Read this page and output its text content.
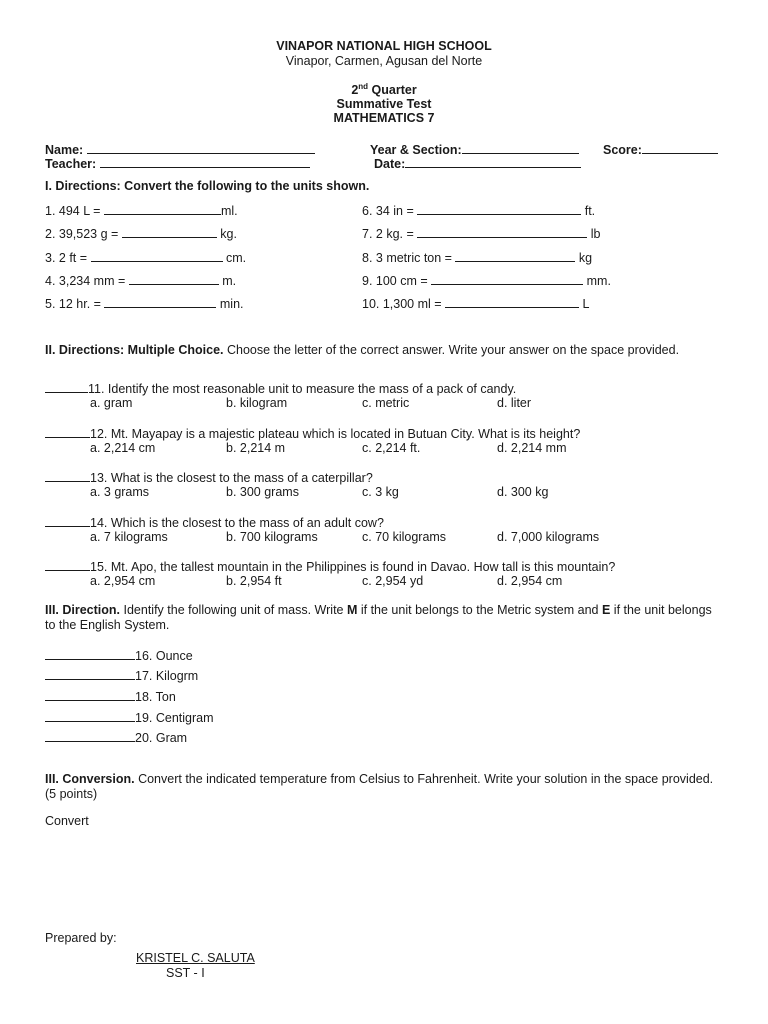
VINAPOR NATIONAL HIGH SCHOOL
Vinapor, Carmen, Agusan del Norte
2nd Quarter
Summative Test
MATHEMATICS 7
Name:	Year & Section:	Score:
Teacher:	Date:
I. Directions: Convert the following to the units shown.
1. 494 L =	ml.
2. 39,523 g =	kg.
3. 2 ft =	cm.
4. 3,234 mm =	m.
5. 12 hr. =	min.
6. 34 in =	ft.
7. 2 kg. =	lb
8. 3 metric ton =	kg
9. 100 cm =	mm.
10. 1,300 ml =	L
II. Directions: Multiple Choice. Choose the letter of the correct answer. Write your answer on the space provided.
11. Identify the most reasonable unit to measure the mass of a pack of candy.
a. gram	b. kilogram	c. metric	d. liter
12. Mt. Mayapay is a majestic plateau which is located in Butuan City. What is its height?
a. 2,214 cm	b. 2,214 m	c. 2,214 ft.	d. 2,214 mm
13. What is the closest to the mass of a caterpillar?
a. 3 grams	b. 300 grams	c. 3 kg	d. 300 kg
14. Which is the closest to the mass of an adult cow?
a. 7 kilograms	b. 700 kilograms	c. 70 kilograms	d. 7,000 kilograms
15. Mt. Apo, the tallest mountain in the Philippines is found in Davao. How tall is this mountain?
a. 2,954 cm	b. 2,954 ft	c. 2,954 yd	d. 2,954 cm
III. Direction. Identify the following unit of mass. Write M if the unit belongs to the Metric system and E if the unit belongs to the English System.
16. Ounce
17. Kilogrm
18. Ton
19. Centigram
20. Gram
III. Conversion. Convert the indicated temperature from Celsius to Fahrenheit. Write your solution in the space provided. (5 points)
Convert
Prepared by:
KRISTEL C. SALUTA
SST - I
